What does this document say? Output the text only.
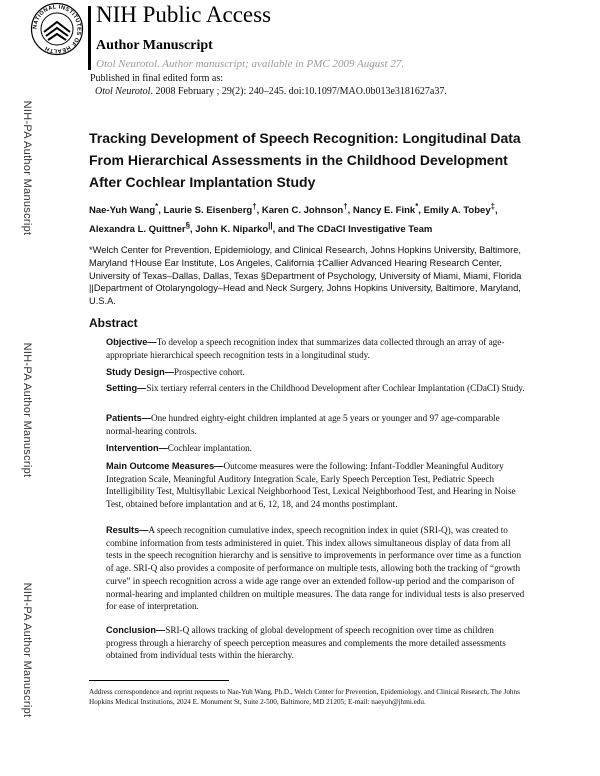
NATIONAL INSTITUTES OF HEALTH
NIH Public Access
Author Manuscript
Otol Neurotol. Author manuscript; available in PMC 2009 August 27.
Published in final edited form as:
Otol Neurotol. 2008 February ; 29(2): 240–245. doi:10.1097/MAO.0b013e3181627a37.
NIH-PA Author Manuscript
NIH-PA Author Manuscript
NIH-PA Author Manuscript
Tracking Development of Speech Recognition: Longitudinal Data From Hierarchical Assessments in the Childhood Development After Cochlear Implantation Study
Nae-Yuh Wang*, Laurie S. Eisenberg†, Karen C. Johnson†, Nancy E. Fink*, Emily A. Tobey‡, Alexandra L. Quittner§, John K. Niparko||, and The CDaCI Investigative Team
*Welch Center for Prevention, Epidemiology, and Clinical Research, Johns Hopkins University, Baltimore, Maryland †House Ear Institute, Los Angeles, California ‡Callier Advanced Hearing Research Center, University of Texas–Dallas, Dallas, Texas §Department of Psychology, University of Miami, Miami, Florida ||Department of Otolaryngology–Head and Neck Surgery, Johns Hopkins University, Baltimore, Maryland, U.S.A.
Abstract
Objective—To develop a speech recognition index that summarizes data collected through an array of age-appropriate hierarchical speech recognition tests in a longitudinal study.
Study Design—Prospective cohort.
Setting—Six tertiary referral centers in the Childhood Development after Cochlear Implantation (CDaCI) Study.
Patients—One hundred eighty-eight children implanted at age 5 years or younger and 97 age-comparable normal-hearing controls.
Intervention—Cochlear implantation.
Main Outcome Measures—Outcome measures were the following: Infant-Toddler Meaningful Auditory Integration Scale, Meaningful Auditory Integration Scale, Early Speech Perception Test, Pediatric Speech Intelligibility Test, Multisyllabic Lexical Neighborhood Test, Lexical Neighborhood Test, and Hearing in Noise Test, obtained before implantation and at 6, 12, 18, and 24 months postimplant.
Results—A speech recognition cumulative index, speech recognition index in quiet (SRI-Q), was created to combine information from tests administered in quiet. This index allows simultaneous display of data from all tests in the speech recognition hierarchy and is sensitive to improvements in performance over time as a function of age. SRI-Q also provides a composite of performance on multiple tests, allowing both the tracking of “growth curve” in speech recognition across a wide age range over an extended follow-up period and the comparison of normal-hearing and implanted children on multiple measures. The data range for individual tests is also preserved for ease of interpretation.
Conclusion—SRI-Q allows tracking of global development of speech recognition over time as children progress through a hierarchy of speech perception measures and complements the more detailed assessments obtained from individual tests within the hierarchy.
Address correspondence and reprint requests to Nae-Yuh Wang, Ph.D., Welch Center for Prevention, Epidemiology, and Clinical Research, The Johns Hopkins Medical Institutions, 2024 E. Monument St, Suite 2-500, Baltimore, MD 21205; E-mail: naeyuh@jhmi.edu.
